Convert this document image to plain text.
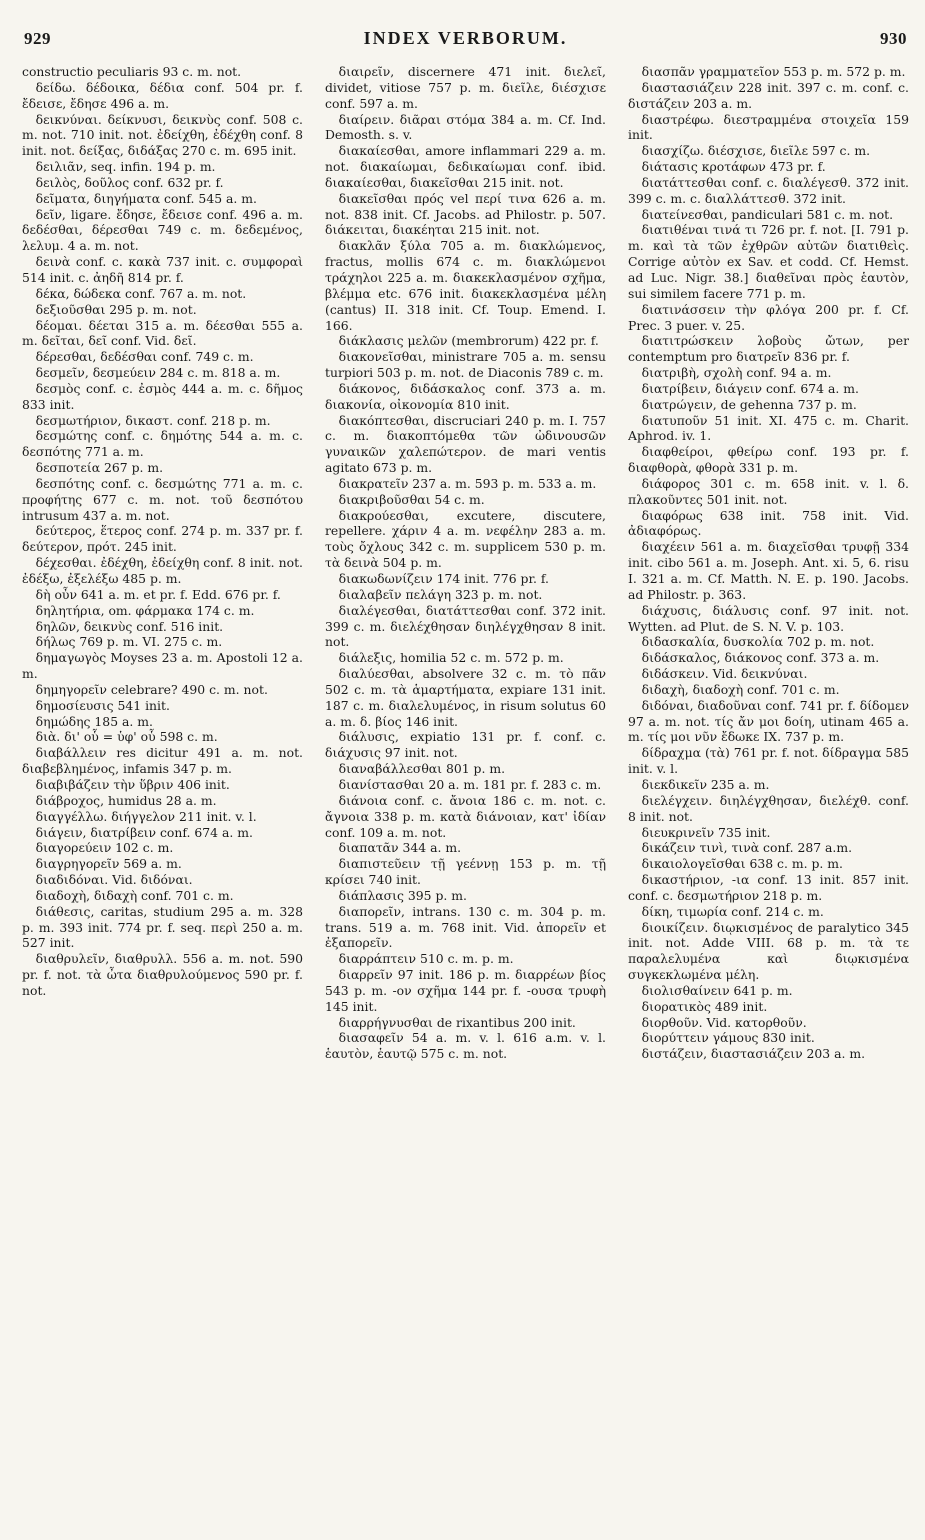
929	INDEX VERBORUM.	930

constructio peculiaris 93 c. m. not.

δείδω. δέδοικα, δέδια conf. 504 pr. f. ἔδεισε, ἔδησε 496 a. m.

δεικνύναι. δείκνυσι, δεικνὺς conf. 508 c. m. not. 710 init. not. ἐδείχθη, ἐδέχθη conf. 8 init. not. δείξας, διδάξας 270 c. m. 695 init.

δειλιᾶν, seq. infin. 194 p. m.

δειλὸς, δοῦλος conf. 632 pr. f.

δεῖματα, διηγήματα conf. 545 a. m.

δεῖν, ligare. ἔδησε, ἔδεισε conf. 496 a. m. δεδέσθαι, δέρεσθαι 749 c. m. δεδεμένος, λελυμ. 4 a. m. not.

δεινὰ conf. c. κακὰ 737 init. c. συμφοραὶ 514 init. c. ἀηδῆ 814 pr. f.

δέκα, δώδεκα conf. 767 a. m. not.

δεξιοῦσθαι 295 p. m. not.

δέομαι. δέεται 315 a. m. δέεσθαι 555 a. m. δεῖται, δεῖ conf. Vid. δεῖ.

δέρεσθαι, δεδέσθαι conf. 749 c. m.

δεσμεῖν, δεσμεύειν 284 c. m. 818 a. m.

δεσμὸς conf. c. ἐσμὸς 444 a. m. c. δῆμος 833 init.

δεσμωτήριον, δικαστ. conf. 218 p. m.

δεσμώτης conf. c. δημότης 544 a. m. c. δεσπότης 771 a. m.

δεσποτεία 267 p. m.

δεσπότης conf. c. δεσμώτης 771 a. m. c. προφήτης 677 c. m. not. τοῦ δεσπότου intrusum 437 a. m. not.

δεύτερος, ἕτερος conf. 274 p. m. 337 pr. f. δεύτερον, πρότ. 245 init.

δέχεσθαι. ἐδέχθη, ἐδείχθη conf. 8 init. not. ἐδέξω, ἐξελέξω 485 p. m.

δὴ οὖν 641 a. m. et pr. f. Edd. 676 pr. f.

δηλητήρια, om. φάρμακα 174 c. m.

δηλῶν, δεικνὺς conf. 516 init.

δήλως 769 p. m. VI. 275 c. m.

δημαγωγὸς Moyses 23 a. m. Apostoli 12 a. m.

δημηγορεῖν celebrare? 490 c. m. not.

δημοσίευσις 541 init.

δημώδης 185 a. m.

διὰ. δι' οὗ = ὑφ' οὗ 598 c. m.

διαβάλλειν res dicitur 491 a. m. not. διαβεβλημένος, infamis 347 p. m.

διαβιβάζειν τὴν ὕβριν 406 init.

διάβροχος, humidus 28 a. m.

διαγγέλλω. διήγγελον 211 init. v. l.

διάγειν, διατρίβειν conf. 674 a. m.

διαγορεύειν 102 c. m.

διαγρηγορεῖν 569 a. m.

διαδιδόναι. Vid. διδόναι.

διαδοχὴ, διδαχὴ conf. 701 c. m.

διάθεσις, caritas, studium 295 a. m. 328 p. m. 393 init. 774 pr. f. seq. περὶ 250 a. m. 527 init.

διαθρυλεῖν, διαθρυλλ. 556 a. m. not. 590 pr. f. not. τὰ ὦτα διαθρυλούμενος 590 pr. f. not.

διαιρεῖν, discernere 471 init. διελεῖ, dividet, vitiose 757 p. m. διεῖλε, διέσχισε conf. 597 a. m.

διαίρειν. διᾶραι στόμα 384 a. m. Cf. Ind. Demosth. s. v.

διακαίεσθαι, amore inflammari 229 a. m. not. διακαίωμαι, δεδικαίωμαι conf. ibid. διακαίεσθαι, διακεῖσθαι 215 init. not.

διακεῖσθαι πρός vel περί τινα 626 a. m. not. 838 init. Cf. Jacobs. ad Philostr. p. 507. διάκειται, διακέηται 215 init. not.

διακλᾶν ξύλα 705 a. m. διακλώμενος, fractus, mollis 674 c. m. διακλώμενοι τράχηλοι 225 a. m. διακεκλασμένον σχῆμα, βλέμμα etc. 676 init. διακεκλασμένα μέλη (cantus) II. 318 init. Cf. Toup. Emend. I. 166.

διάκλασις μελῶν (membrorum) 422 pr. f.

διακονεῖσθαι, ministrare 705 a. m. sensu turpiori 503 p. m. not. de Diaconis 789 c. m.

διάκονος, διδάσκαλος conf. 373 a. m. διακονία, οἰκονομία 810 init.

διακόπτεσθαι, discruciari 240 p. m. I. 757 c. m. διακοπτόμεθα τῶν ὠδινουσῶν γυναικῶν χαλεπώτερον. de mari ventis agitato 673 p. m.

διακρατεῖν 237 a. m. 593 p. m. 533 a. m.

διακριβοῦσθαι 54 c. m.

διακρούεσθαι, excutere, discutere, repellere. χάριν 4 a. m. νεφέλην 283 a. m. τοὺς ὄχλους 342 c. m. supplicem 530 p. m. τὰ δεινὰ 504 p. m.

διακωδωνίζειν 174 init. 776 pr. f.

διαλαβεῖν πελάγη 323 p. m. not.

διαλέγεσθαι, διατάττεσθαι conf. 372 init. 399 c. m. διελέχθησαν διηλέγχθησαν 8 init. not.

διάλεξις, homilia 52 c. m. 572 p. m.

διαλύεσθαι, absolvere 32 c. m. τὸ πᾶν 502 c. m. τὰ ἁμαρτήματα, expiare 131 init. 187 c. m. διαλελυμένος, in risum solutus 60 a. m. δ. βίος 146 init.

διάλυσις, expiatio 131 pr. f. conf. c. διάχυσις 97 init. not.

διαναβάλλεσθαι 801 p. m.

διανίστασθαι 20 a. m. 181 pr. f. 283 c. m.

διάνοια conf. c. ἄνοια 186 c. m. not. c. ἄγνοια 338 p. m. κατὰ διάνοιαν, κατ' ἰδίαν conf. 109 a. m. not.

διαπατᾶν 344 a. m.

διαπιστεῦειν τῇ γεέννῃ 153 p. m. τῇ κρίσει 740 init.

διάπλασις 395 p. m.

διαπορεῖν, intrans. 130 c. m. 304 p. m. trans. 519 a. m. 768 init. Vid. ἀπορεῖν et ἐξαπορεῖν.

διαρράπτειν 510 c. m. p. m.

διαρρεῖν 97 init. 186 p. m. διαρρέων βίος 543 p. m. -ον σχῆμα 144 pr. f. -ουσα τρυφὴ 145 init.

διαρρήγνυσθαι de rixantibus 200 init.

διασαφεῖν 54 a. m. v. l. 616 a.m. v. l. ἑαυτὸν, ἑαυτῷ 575 c. m. not.

διασπᾶν γραμματεῖον 553 p. m. 572 p. m.

διαστασιάζειν 228 init. 397 c. m. conf. c. διστάζειν 203 a. m.

διαστρέφω. διεστραμμένα στοιχεῖα 159 init.

διασχίζω. διέσχισε, διεῖλε 597 c. m.

διάτασις κροτάφων 473 pr. f.

διατάττεσθαι conf. c. διαλέγεσθ. 372 init. 399 c. m. c. διαλλάττεσθ. 372 init.

διατείνεσθαι, pandiculari 581 c. m. not.

διατιθέναι τινά τι 726 pr. f. not. [I. 791 p. m. καὶ τὰ τῶν ἐχθρῶν αὐτῶν διατιθεὶς. Corrige αὐτὸν ex Sav. et codd. Cf. Hemst. ad Luc. Nigr. 38.] διαθεῖναι πρὸς ἑαυτὸν, sui similem facere 771 p. m.

διατινάσσειν τὴν φλόγα 200 pr. f. Cf. Prec. 3 puer. v. 25.

διατιτρώσκειν λοβοὺς ὤτων, per contemptum pro διατρεῖν 836 pr. f.

διατριβὴ, σχολὴ conf. 94 a. m.

διατρίβειν, διάγειν conf. 674 a. m.

διατρώγειν, de gehenna 737 p. m.

διατυποῦν 51 init. XI. 475 c. m. Charit. Aphrod. iv. 1.

διαφθείροι, φθείρω conf. 193 pr. f. διαφθορὰ, φθορὰ 331 p. m.

διάφορος 301 c. m. 658 init. v. l. δ. πλακοῦντες 501 init. not.

διαφόρως 638 init. 758 init. Vid. ἀδιαφόρως.

διαχέειν 561 a. m. διαχεῖσθαι τρυφῇ 334 init. cibo 561 a. m. Joseph. Ant. xi. 5, 6. risu I. 321 a. m. Cf. Matth. N. E. p. 190. Jacobs. ad Philostr. p. 363.

διάχυσις, διάλυσις conf. 97 init. not. Wytten. ad Plut. de S. N. V. p. 103.

διδασκαλία, δυσκολία 702 p. m. not.

διδάσκαλος, διάκονος conf. 373 a. m.

διδάσκειν. Vid. δεικνύναι.

διδαχὴ, διαδοχὴ conf. 701 c. m.

διδόναι, διαδοῦναι conf. 741 pr. f. δίδομεν 97 a. m. not. τίς ἄν μοι δοίη, utinam 465 a. m. τίς μοι νῦν ἔδωκε IX. 737 p. m.

δίδραχμα (τὰ) 761 pr. f. not. δίδραγμα 585 init. v. l.

διεκδικεῖν 235 a. m.

διελέγχειν. διηλέγχθησαν, διελέχθ. conf. 8 init. not.

διευκρινεῖν 735 init.

δικάζειν τινὶ, τινὰ conf. 287 a.m.

δικαιολογεῖσθαι 638 c. m. p. m.

δικαστήριον, -ια conf. 13 init. 857 init. conf. c. δεσμωτήριον 218 p. m.

δίκη, τιμωρία conf. 214 c. m.

διοικίζειν. διῳκισμένος de paralytico 345 init. not. Adde VIII. 68 p. m. τὰ τε παραλελυμένα καὶ διῳκισμένα συγκεκλωμένα μέλη.

διολισθαίνειν 641 p. m.

διορατικὸς 489 init.

διορθοῦν. Vid. κατορθοῦν.

διορύττειν γάμους 830 init.

διστάζειν, διαστασιάζειν 203 a. m.
